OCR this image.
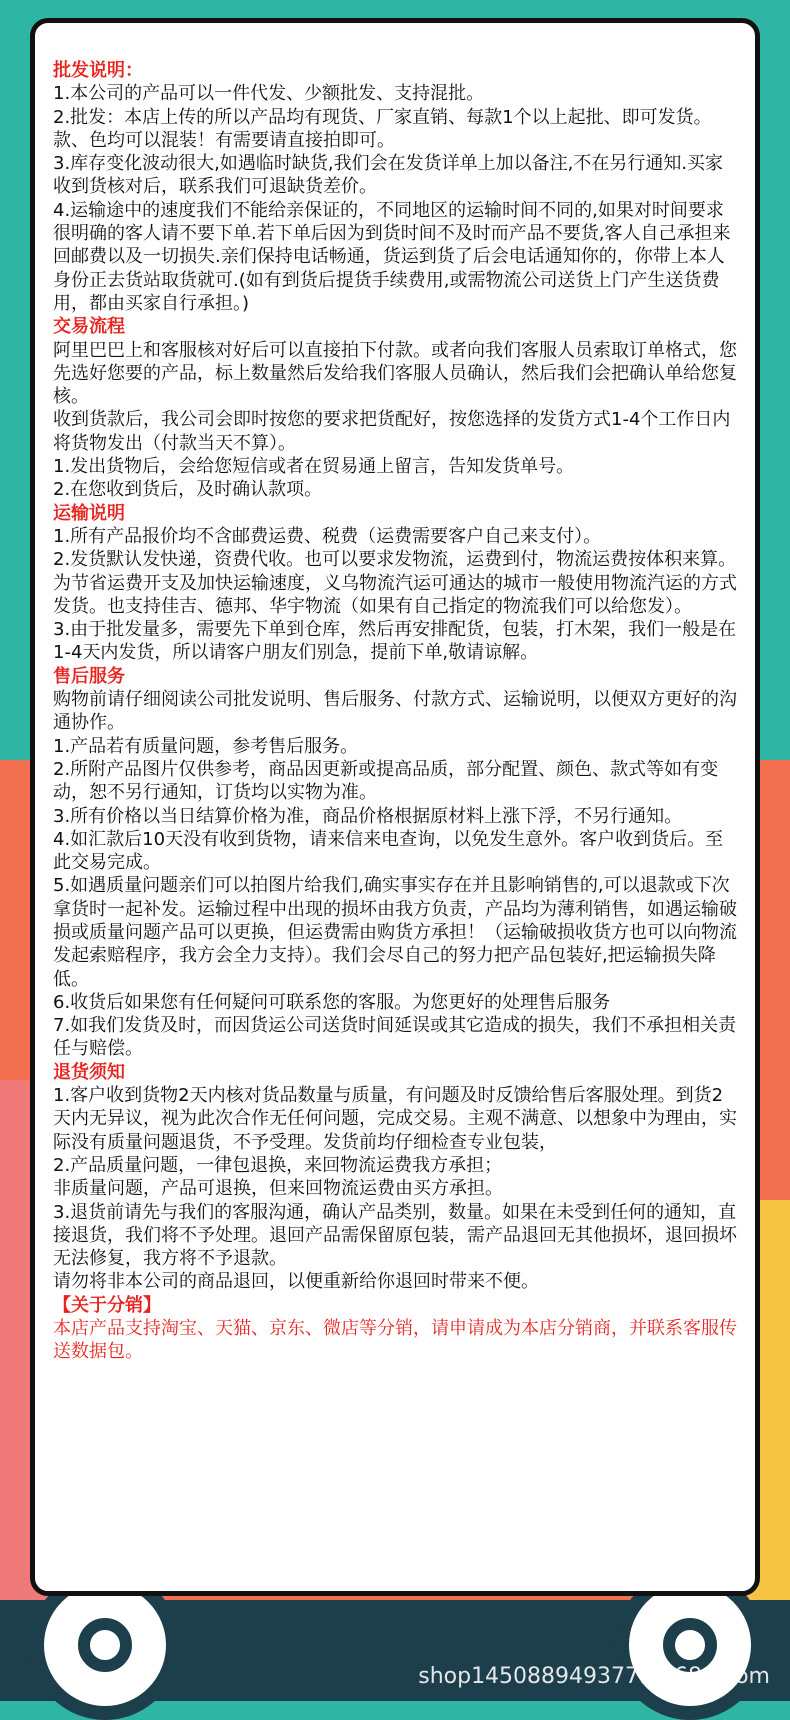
批发说明：
1.本公司的产品可以一件代发、少额批发、支持混批。
2.批发：本店上传的所以产品均有现货、厂家直销、每款1个以上起批、即可发货。款、色均可以混装！有需要请直接拍即可。
3.库存变化波动很大,如遇临时缺货,我们会在发货详单上加以备注,不在另行通知.买家收到货核对后，联系我们可退缺货差价。
4.运输途中的速度我们不能给亲保证的，不同地区的运输时间不同的,如果对时间要求很明确的客人请不要下单.若下单后因为到货时间不及时而产品不要货,客人自己承担来回邮费以及一切损失.亲们保持电话畅通，货运到货了后会电话通知你的，你带上本人身份正去货站取货就可.(如有到货后提货手续费用,或需物流公司送货上门产生送货费用，都由买家自行承担。)
交易流程
阿里巴巴上和客服核对好后可以直接拍下付款。或者向我们客服人员索取订单格式，您先选好您要的产品，标上数量然后发给我们客服人员确认，然后我们会把确认单给您复核。
收到货款后，我公司会即时按您的要求把货配好，按您选择的发货方式1-4个工作日内将货物发出（付款当天不算）。
1.发出货物后，会给您短信或者在贸易通上留言，告知发货单号。
2.在您收到货后，及时确认款项。
运输说明
1.所有产品报价均不含邮费运费、税费（运费需要客户自己来支付）。
2.发货默认发快递，资费代收。也可以要求发物流，运费到付，物流运费按体积来算。为节省运费开支及加快运输速度，义乌物流汽运可通达的城市一般使用物流汽运的方式发货。也支持佳吉、德邦、华宇物流（如果有自己指定的物流我们可以给您发）。
3.由于批发量多，需要先下单到仓库，然后再安排配货，包装，打木架，我们一般是在1-4天内发货，所以请客户朋友们别急，提前下单,敬请谅解。
售后服务
购物前请仔细阅读公司批发说明、售后服务、付款方式、运输说明，以便双方更好的沟通协作。
1.产品若有质量问题，参考售后服务。
2.所附产品图片仅供参考，商品因更新或提高品质，部分配置、颜色、款式等如有变动，恕不另行通知，订货均以实物为准。
3.所有价格以当日结算价格为准，商品价格根据原材料上涨下浮，不另行通知。
4.如汇款后10天没有收到货物，请来信来电查询，以免发生意外。客户收到货后。至此交易完成。
5.如遇质量问题亲们可以拍图片给我们,确实事实存在并且影响销售的,可以退款或下次拿货时一起补发。运输过程中出现的损坏由我方负责，产品均为薄利销售，如遇运输破损或质量问题产品可以更换，但运费需由购货方承担！（运输破损收货方也可以向物流发起索赔程序，我方会全力支持）。我们会尽自己的努力把产品包装好,把运输损失降低。
6.收货后如果您有任何疑问可联系您的客服。为您更好的处理售后服务
7.如我们发货及时，而因货运公司送货时间延误或其它造成的损失，我们不承担相关责任与赔偿。
退货须知
1.客户收到货物2天内核对货品数量与质量，有问题及时反馈给售后客服处理。到货2天内无异议，视为此次合作无任何问题，完成交易。主观不满意、以想象中为理由，实际没有质量问题退货，不予受理。发货前均仔细检查专业包装，
2.产品质量问题，一律包退换，来回物流运费我方承担；
非质量问题，产品可退换，但来回物流运费由买方承担。
3.退货前请先与我们的客服沟通，确认产品类别，数量。如果在未受到任何的通知，直接退货，我们将不予处理。退回产品需保留原包装，需产品退回无其他损坏，退回损坏无法修复，我方将不予退款。
请勿将非本公司的商品退回，以便重新给你退回时带来不便。
【关于分销】
本店产品支持淘宝、天猫、京东、微店等分销，请申请成为本店分销商，并联系客服传送数据包。
shop1450889493779.1688.com
